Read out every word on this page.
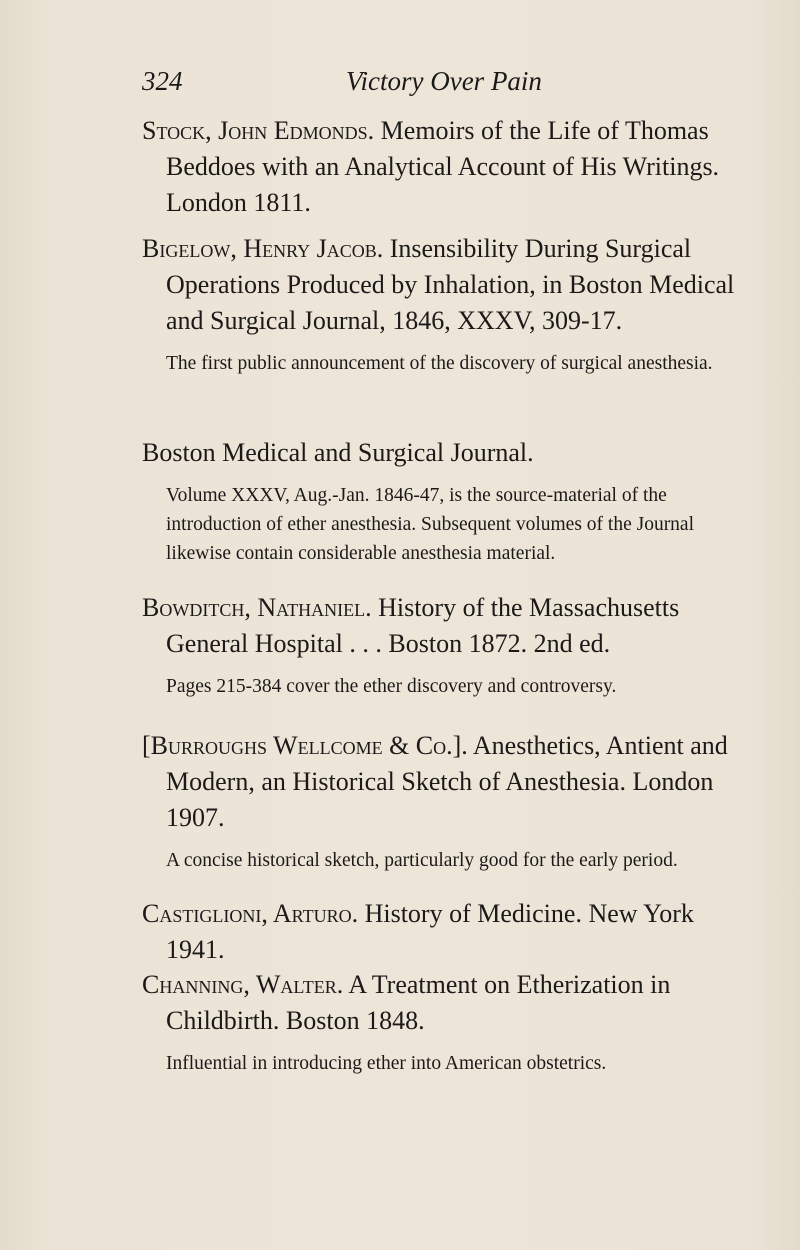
324	Victory Over Pain

Stock, John Edmonds. Memoirs of the Life of Thomas Beddoes with an Analytical Account of His Writings. London 1811.

Bigelow, Henry Jacob. Insensibility During Surgical Operations Produced by Inhalation, in Boston Medical and Surgical Journal, 1846, XXXV, 309-17.

The first public announcement of the discovery of surgical anesthesia.

Boston Medical and Surgical Journal.

Volume XXXV, Aug.-Jan. 1846-47, is the source-material of the introduction of ether anesthesia. Subsequent volumes of the Journal likewise contain considerable anesthesia material.

Bowditch, Nathaniel. History of the Massachusetts General Hospital . . . Boston 1872. 2nd ed.

Pages 215-384 cover the ether discovery and controversy.

[Burroughs Wellcome & Co.]. Anesthetics, Antient and Modern, an Historical Sketch of Anesthesia. London 1907.

A concise historical sketch, particularly good for the early period.

Castiglioni, Arturo. History of Medicine. New York 1941.

Channing, Walter. A Treatment on Etherization in Childbirth. Boston 1848.

Influential in introducing ether into American obstetrics.
